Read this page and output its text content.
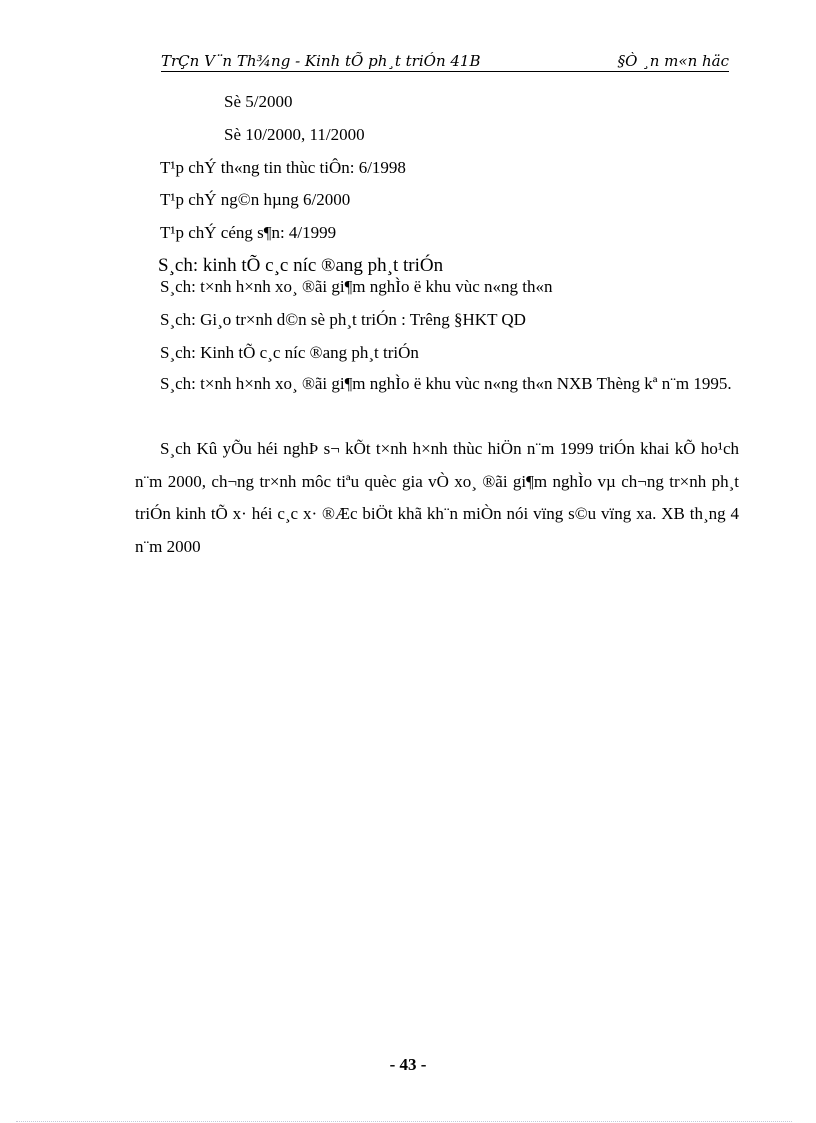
TrÇn V¨n Th¾ng - Kinh tÕ ph¸t triÓn 41B	§Ò ¸n m«n häc
Sè 5/2000
Sè 10/2000, 11/2000
T¹p chÝ th«ng tin thùc tiÔn: 6/1998
T¹p chÝ ng©n hµng 6/2000
T¹p chÝ céng s¶n: 4/1999
S¸ch: kinh tÕ c¸c níc ®ang ph¸t triÓn
S¸ch: t×nh h×nh xo¸ ®ãi gi¶m nghÌo ë khu vùc n«ng th«n
S¸ch: Gi¸o tr×nh d©n sè ph¸t triÓn : Trêng §HKT QD
S¸ch: Kinh tÕ c¸c níc ®ang ph¸t triÓn
S¸ch: t×nh h×nh xo¸ ®ãi gi¶m nghÌo ë khu vùc n«ng th«n NXB Thèng kª n¨m 1995.
S¸ch Kû yÕu héi nghÞ s¬ kÕt t×nh h×nh thùc hiÖn n¨m 1999 triÓn khai kÕ ho¹ch n¨m 2000, ch¬ng tr×nh môc tiªu quèc gia vÒ xo¸ ®ãi gi¶m nghÌo vµ ch¬ng tr×nh ph¸t triÓn kinh tÕ x· héi c¸c x· ®Æc biÖt khã kh¨n miÒn nói vïng s©u vïng xa. XB th¸ng 4 n¨m 2000
- 43 -
